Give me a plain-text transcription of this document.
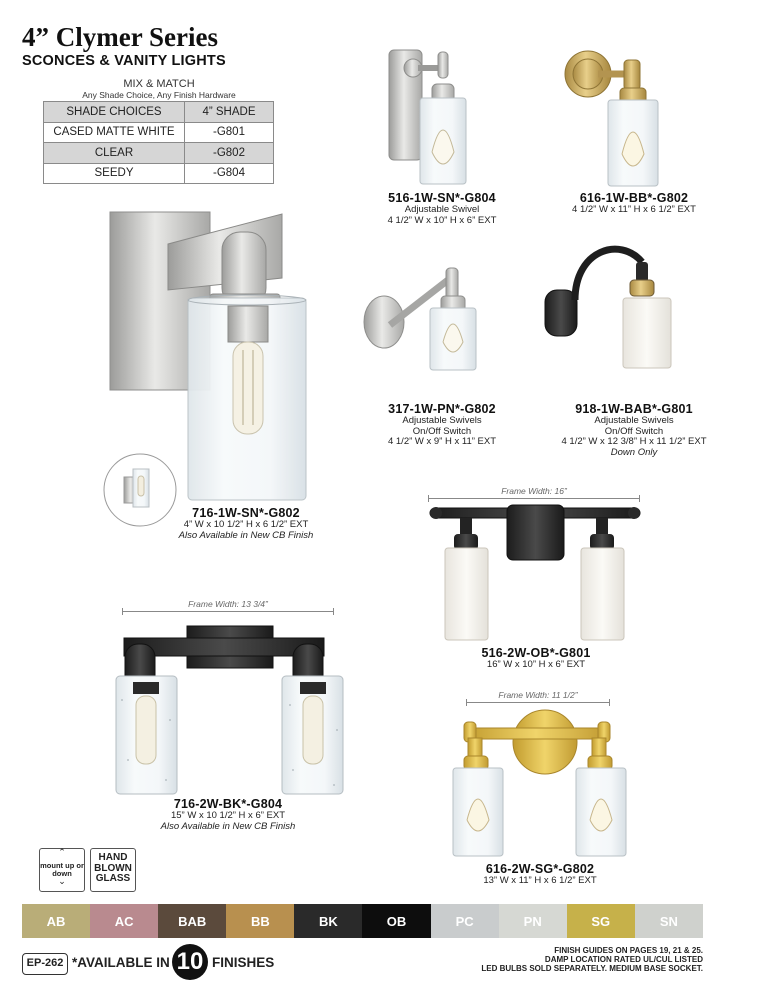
4” Clymer Series
SCONCES & VANITY LIGHTS
MIX & MATCH
Any Shade Choice, Any Finish Hardware
SHADE CHOICES	4” SHADE
CASED MATTE WHITE	-G801
CLEAR	-G802
SEEDY	-G804
Frame Width: 16”
Frame Width: 13 3/4”
Frame Width: 11 1/2”
716-1W-SN*-G802
4” W x 10 1/2” H x 6 1/2” EXT
Also Available in New CB Finish
516-1W-SN*-G804
Adjustable Swivel
4 1/2” W x 10” H x 6” EXT
616-1W-BB*-G802
4 1/2” W x 11” H x 6 1/2” EXT
317-1W-PN*-G802
Adjustable Swivels
On/Off Switch
4 1/2” W x 9” H x 11” EXT
918-1W-BAB*-G801
Adjustable Swivels
On/Off Switch
4 1/2” W x 12 3/8” H x 11 1/2” EXT
Down Only
516-2W-OB*-G801
16” W x 10” H x 6” EXT
716-2W-BK*-G804
15” W x 10 1/2” H x 6” EXT
Also Available in New CB Finish
616-2W-SG*-G802
13” W x 11” H x 6 1/2” EXT
⌃
mount up or down
⌄
HAND
BLOWN
GLASS
AB	AC	BAB	BB	BK	OB	PC	PN	SG	SN
EP-262 *AVAILABLE IN 10 FINISHES
FINISH GUIDES ON PAGES 19, 21 & 25.
DAMP LOCATION RATED UL/CUL LISTED
LED BULBS SOLD SEPARATELY. MEDIUM BASE SOCKET.
